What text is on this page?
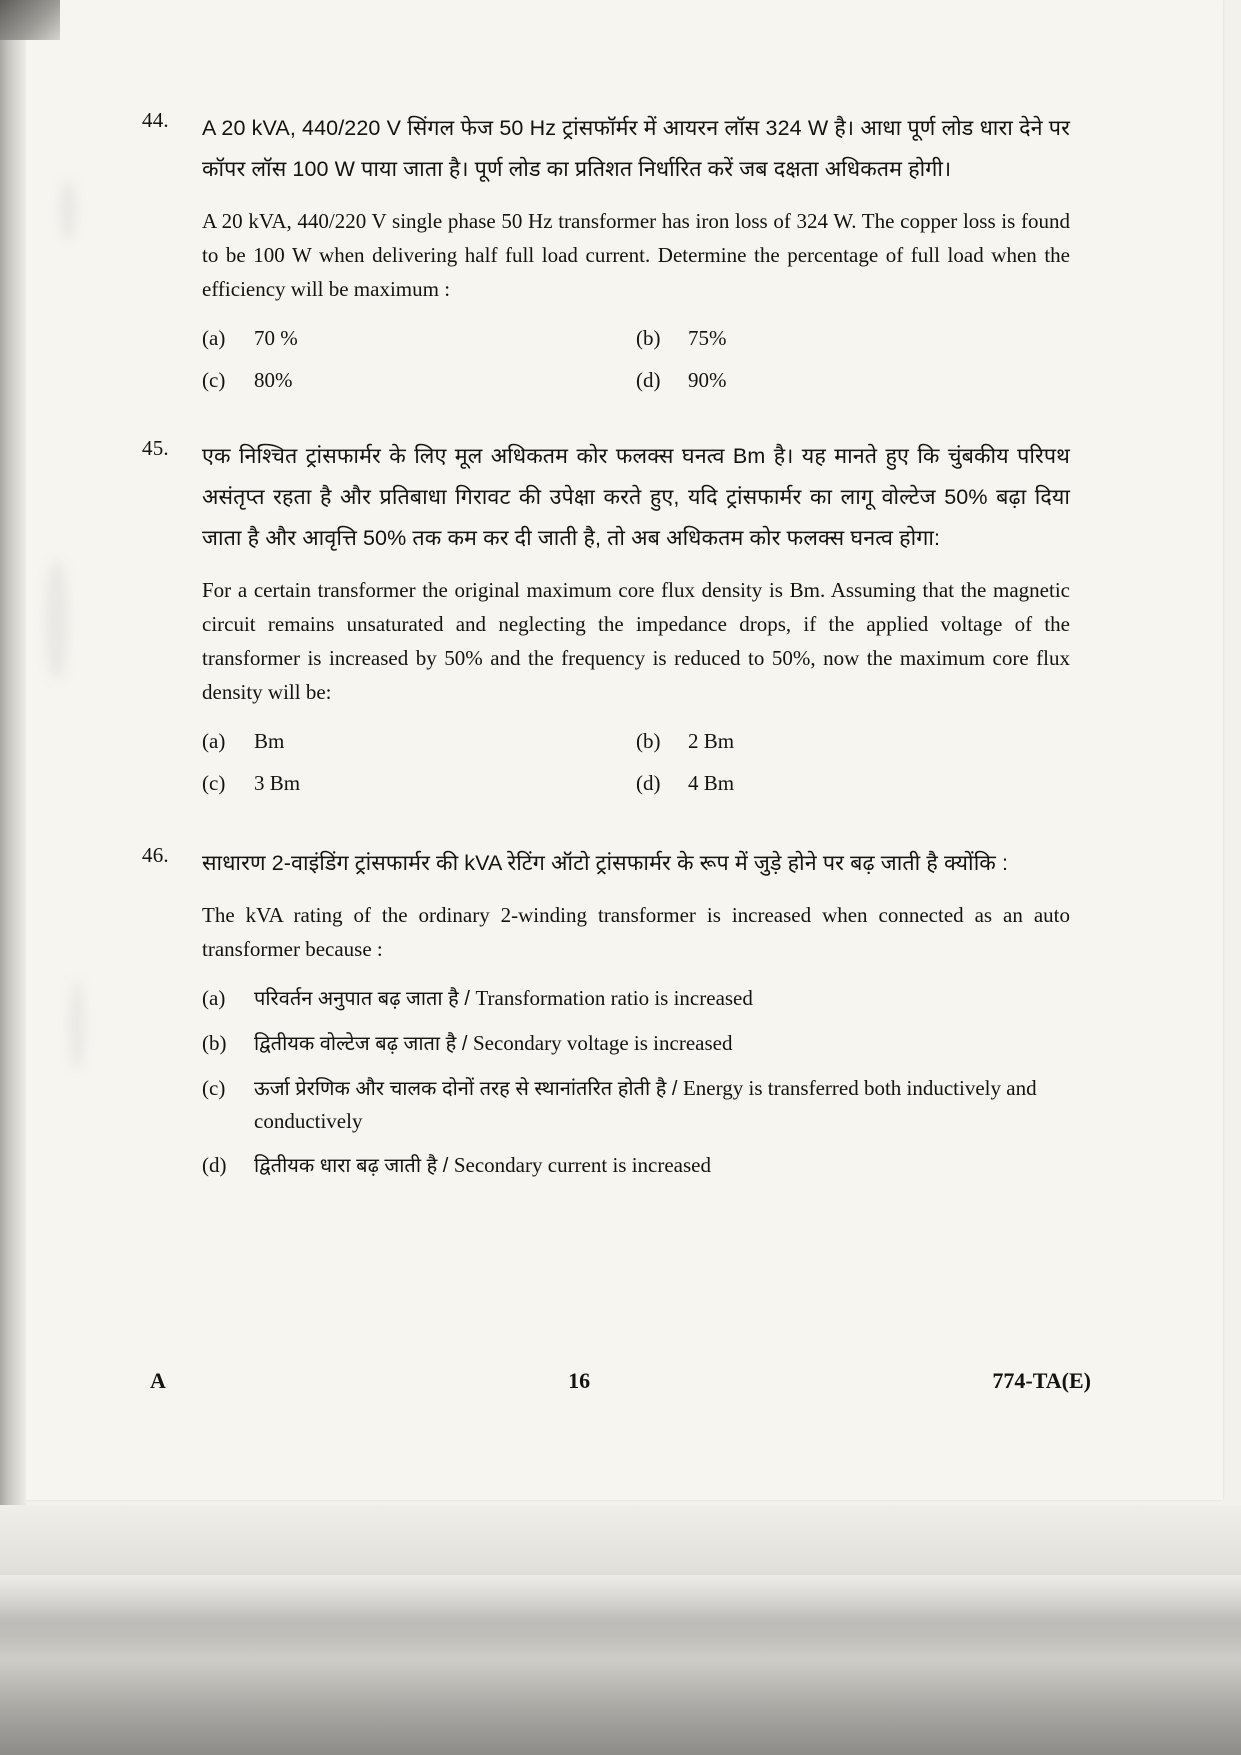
44.	A 20 kVA, 440/220 V सिंगल फेज 50 Hz ट्रांसफॉर्मर में आयरन लॉस 324 W है। आधा पूर्ण लोड धारा देने पर कॉपर लॉस 100 W पाया जाता है। पूर्ण लोड का प्रतिशत निर्धारित करें जब दक्षता अधिकतम होगी।
A 20 kVA, 440/220 V single phase 50 Hz transformer has iron loss of 324 W. The copper loss is found to be 100 W when delivering half full load current. Determine the percentage of full load when the efficiency will be maximum :
(a)	70 %	(b)	75%
(c)	80%	(d)	90%
45.	एक निश्चित ट्रांसफार्मर के लिए मूल अधिकतम कोर फलक्स घनत्व Bm है। यह मानते हुए कि चुंबकीय परिपथ असंतृप्त रहता है और प्रतिबाधा गिरावट की उपेक्षा करते हुए, यदि ट्रांसफार्मर का लागू वोल्टेज 50% बढ़ा दिया जाता है और आवृत्ति 50% तक कम कर दी जाती है, तो अब अधिकतम कोर फलक्स घनत्व होगा:
For a certain transformer the original maximum core flux density is Bm. Assuming that the magnetic circuit remains unsaturated and neglecting the impedance drops, if the applied voltage of the transformer is increased by 50% and the frequency is reduced to 50%, now the maximum core flux density will be:
(a)	Bm	(b)	2 Bm
(c)	3 Bm	(d)	4 Bm
46.	साधारण 2-वाइंडिंग ट्रांसफार्मर की kVA रेटिंग ऑटो ट्रांसफार्मर के रूप में जुड़े होने पर बढ़ जाती है क्योंकि :
The kVA rating of the ordinary 2-winding transformer is increased when connected as an auto transformer because :
(a)	परिवर्तन अनुपात बढ़ जाता है / Transformation ratio is increased
(b)	द्वितीयक वोल्टेज बढ़ जाता है / Secondary voltage is increased
(c)	ऊर्जा प्रेरणिक और चालक दोनों तरह से स्थानांतरित होती है / Energy is transferred both inductively and conductively
(d)	द्वितीयक धारा बढ़ जाती है / Secondary current is increased
A	16	774-TA(E)
